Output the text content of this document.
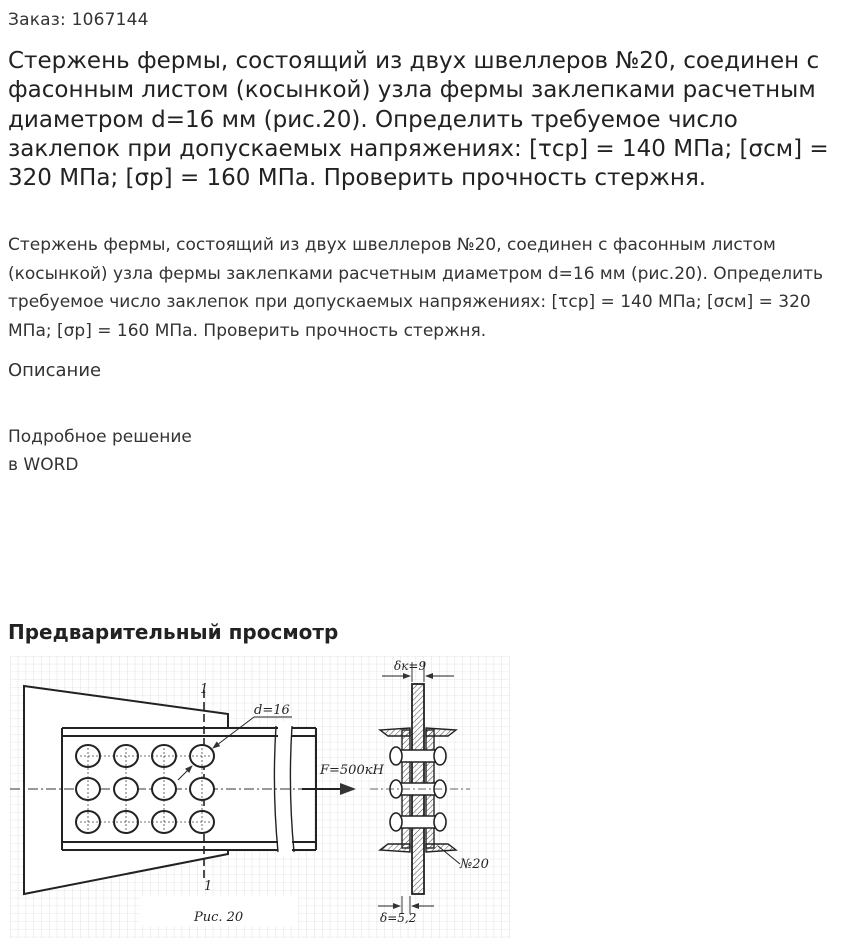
Заказ: 1067144
Стержень фермы, состоящий из двух швеллеров №20, соединен с фасонным листом (косынкой) узла фермы заклепками расчетным диаметром d=16 мм (рис.20). Определить требуемое число заклепок при допускаемых напряжениях: [τср] = 140 МПа; [σсм] = 320 МПа; [σр] = 160 МПа. Проверить прочность стержня.

Стержень фермы, состоящий из двух швеллеров №20, соединен с фасонным листом (косынкой) узла фермы заклепками расчетным диаметром d=16 мм (рис.20). Определить требуемое число заклепок при допускаемых напряжениях: [τср] = 140 МПа; [σсм] = 320 МПа; [σр] = 160 МПа. Проверить прочность стержня.

Описание
Подробное решение
в WORD
Предварительный просмотр
1
1
d=16
F=500кН
δк=9
δ=5,2
№20
Рис. 20
